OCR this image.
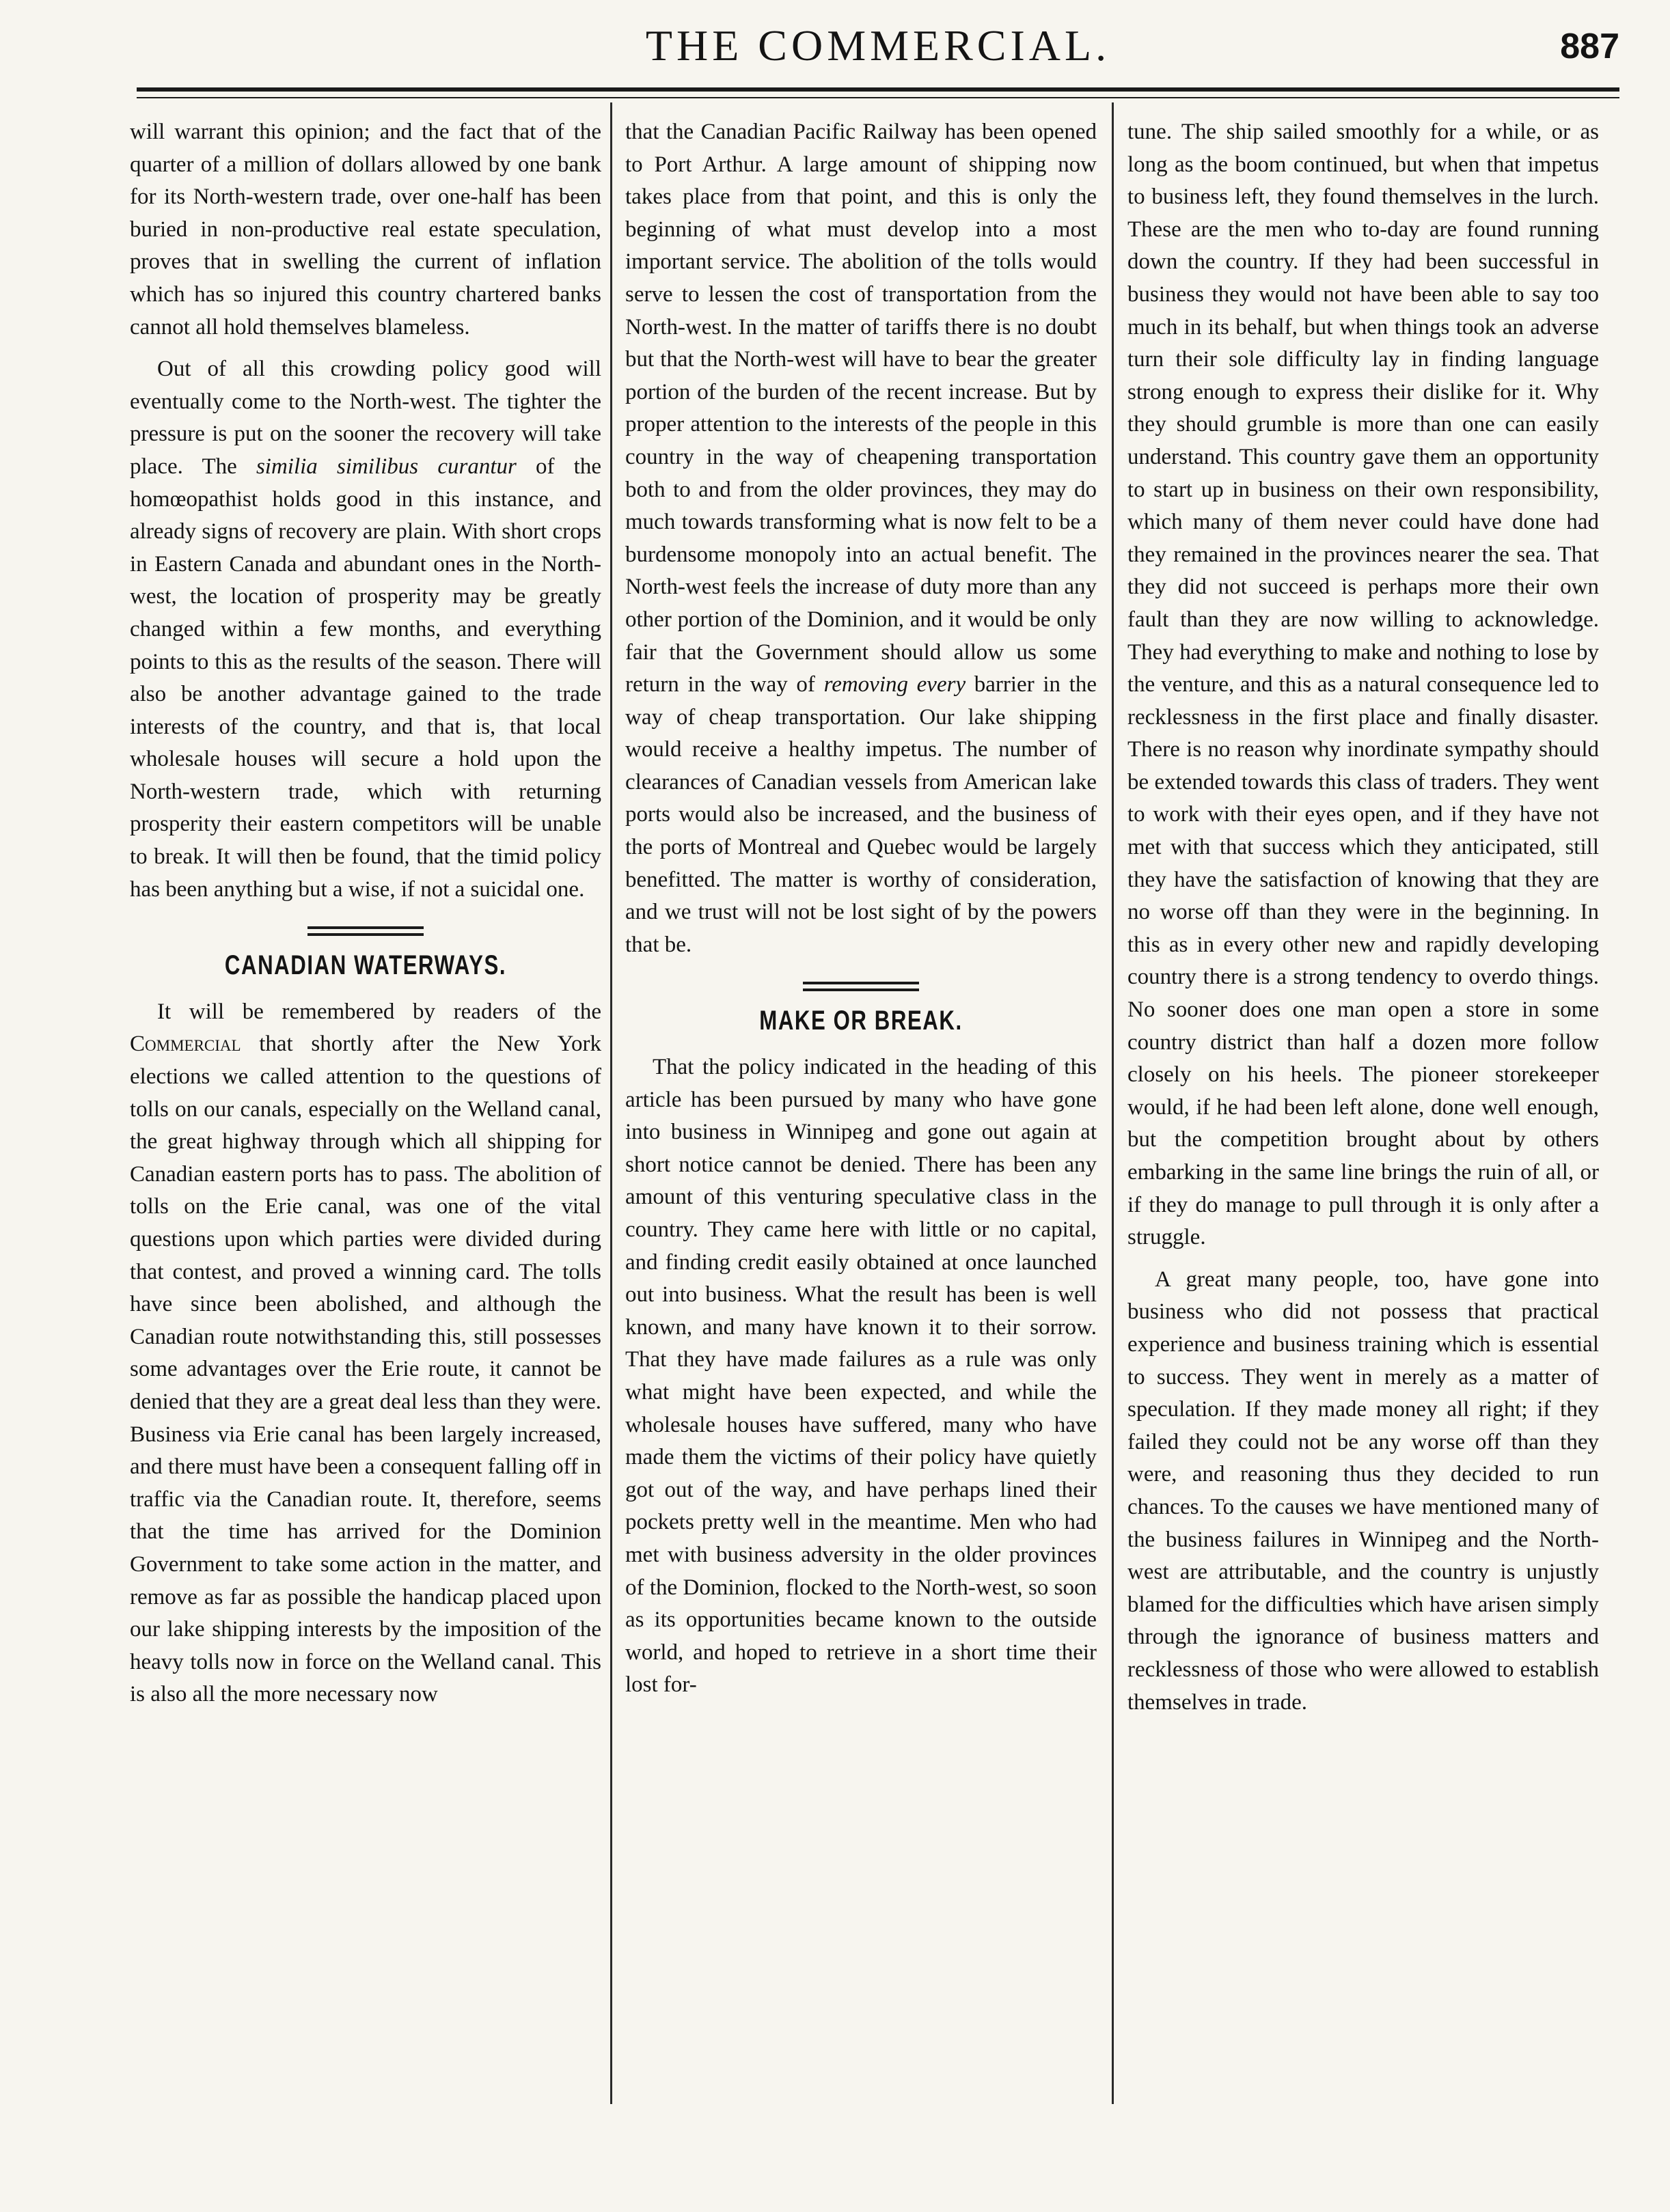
THE COMMERCIAL.	887

will warrant this opinion; and the fact that of the quarter of a million of dollars allowed by one bank for its North-western trade, over one-half has been buried in non-productive real estate speculation, proves that in swelling the current of inflation which has so injured this country chartered banks cannot all hold themselves blameless.

Out of all this crowding policy good will eventually come to the North-west. The tighter the pressure is put on the sooner the recovery will take place. The similia similibus curantur of the homœopathist holds good in this instance, and already signs of recovery are plain. With short crops in Eastern Canada and abundant ones in the North-west, the location of prosperity may be greatly changed within a few months, and everything points to this as the results of the season. There will also be another advantage gained to the trade interests of the country, and that is, that local wholesale houses will secure a hold upon the North-western trade, which with returning prosperity their eastern competitors will be unable to break. It will then be found, that the timid policy has been anything but a wise, if not a suicidal one.

CANADIAN WATERWAYS.

It will be remembered by readers of the Commercial that shortly after the New York elections we called attention to the questions of tolls on our canals, especially on the Welland canal, the great highway through which all shipping for Canadian eastern ports has to pass. The abolition of tolls on the Erie canal, was one of the vital questions upon which parties were divided during that contest, and proved a winning card. The tolls have since been abolished, and although the Canadian route notwithstanding this, still possesses some advantages over the Erie route, it cannot be denied that they are a great deal less than they were. Business via Erie canal has been largely increased, and there must have been a consequent falling off in traffic via the Canadian route. It, therefore, seems that the time has arrived for the Dominion Government to take some action in the matter, and remove as far as possible the handicap placed upon our lake shipping interests by the imposition of the heavy tolls now in force on the Welland canal. This is also all the more necessary now

that the Canadian Pacific Railway has been opened to Port Arthur. A large amount of shipping now takes place from that point, and this is only the beginning of what must develop into a most important service. The abolition of the tolls would serve to lessen the cost of transportation from the North-west. In the matter of tariffs there is no doubt but that the North-west will have to bear the greater portion of the burden of the recent increase. But by proper attention to the interests of the people in this country in the way of cheapening transportation both to and from the older provinces, they may do much towards transforming what is now felt to be a burdensome monopoly into an actual benefit. The North-west feels the increase of duty more than any other portion of the Dominion, and it would be only fair that the Government should allow us some return in the way of removing every barrier in the way of cheap transportation. Our lake shipping would receive a healthy impetus. The number of clearances of Canadian vessels from American lake ports would also be increased, and the business of the ports of Montreal and Quebec would be largely benefitted. The matter is worthy of consideration, and we trust will not be lost sight of by the powers that be.

MAKE OR BREAK.

That the policy indicated in the heading of this article has been pursued by many who have gone into business in Winnipeg and gone out again at short notice cannot be denied. There has been any amount of this venturing speculative class in the country. They came here with little or no capital, and finding credit easily obtained at once launched out into business. What the result has been is well known, and many have known it to their sorrow. That they have made failures as a rule was only what might have been expected, and while the wholesale houses have suffered, many who have made them the victims of their policy have quietly got out of the way, and have perhaps lined their pockets pretty well in the meantime. Men who had met with business adversity in the older provinces of the Dominion, flocked to the North-west, so soon as its opportunities became known to the outside world, and hoped to retrieve in a short time their lost for-

tune. The ship sailed smoothly for a while, or as long as the boom continued, but when that impetus to business left, they found themselves in the lurch. These are the men who to-day are found running down the country. If they had been successful in business they would not have been able to say too much in its behalf, but when things took an adverse turn their sole difficulty lay in finding language strong enough to express their dislike for it. Why they should grumble is more than one can easily understand. This country gave them an opportunity to start up in business on their own responsibility, which many of them never could have done had they remained in the provinces nearer the sea. That they did not succeed is perhaps more their own fault than they are now willing to acknowledge. They had everything to make and nothing to lose by the venture, and this as a natural consequence led to recklessness in the first place and finally disaster. There is no reason why inordinate sympathy should be extended towards this class of traders. They went to work with their eyes open, and if they have not met with that success which they anticipated, still they have the satisfaction of knowing that they are no worse off than they were in the beginning. In this as in every other new and rapidly developing country there is a strong tendency to overdo things. No sooner does one man open a store in some country district than half a dozen more follow closely on his heels. The pioneer storekeeper would, if he had been left alone, done well enough, but the competition brought about by others embarking in the same line brings the ruin of all, or if they do manage to pull through it is only after a struggle.

A great many people, too, have gone into business who did not possess that practical experience and business training which is essential to success. They went in merely as a matter of speculation. If they made money all right; if they failed they could not be any worse off than they were, and reasoning thus they decided to run chances. To the causes we have mentioned many of the business failures in Winnipeg and the North-west are attributable, and the country is unjustly blamed for the difficulties which have arisen simply through the ignorance of business matters and recklessness of those who were allowed to establish themselves in trade.
